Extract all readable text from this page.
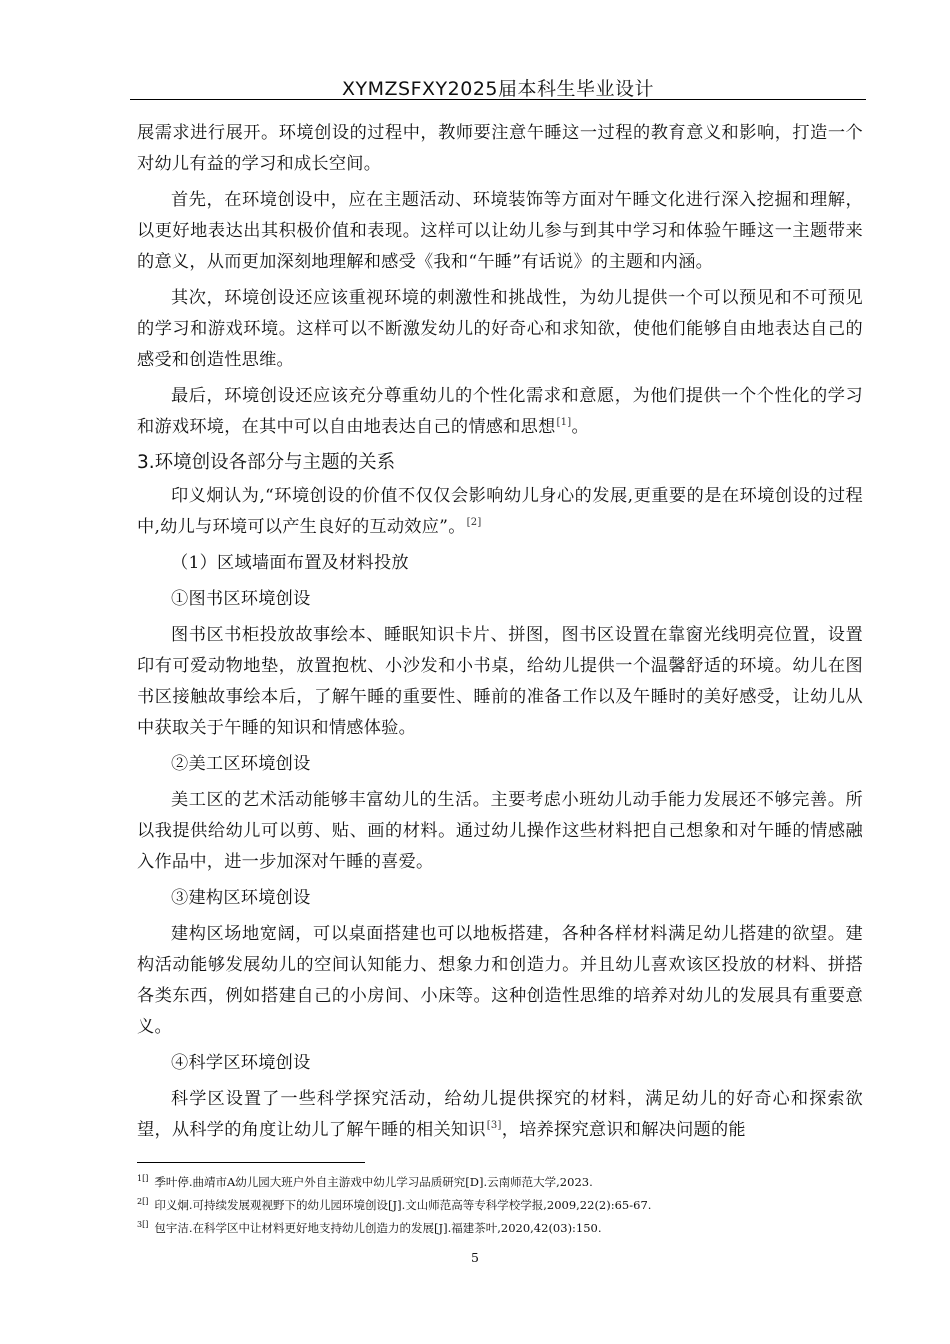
XYMZSFXY2025届本科生毕业设计

展需求进行展开。环境创设的过程中，教师要注意午睡这一过程的教育意义和影响，打造一个对幼儿有益的学习和成长空间。

首先，在环境创设中，应在主题活动、环境装饰等方面对午睡文化进行深入挖掘和理解，以更好地表达出其积极价值和表现。这样可以让幼儿参与到其中学习和体验午睡这一主题带来的意义，从而更加深刻地理解和感受《我和“午睡”有话说》的主题和内涵。

其次，环境创设还应该重视环境的刺激性和挑战性，为幼儿提供一个可以预见和不可预见的学习和游戏环境。这样可以不断激发幼儿的好奇心和求知欲，使他们能够自由地表达自己的感受和创造性思维。

最后，环境创设还应该充分尊重幼儿的个性化需求和意愿，为他们提供一个个性化的学习和游戏环境，在其中可以自由地表达自己的情感和思想[1]。

3.环境创设各部分与主题的关系

印义炯认为,“环境创设的价值不仅仅会影响幼儿身心的发展,更重要的是在环境创设的过程中,幼儿与环境可以产生良好的互动效应”。[2]

（1）区域墙面布置及材料投放

①图书区环境创设

图书区书柜投放故事绘本、睡眠知识卡片、拼图，图书区设置在靠窗光线明亮位置，设置印有可爱动物地垫，放置抱枕、小沙发和小书桌，给幼儿提供一个温馨舒适的环境。幼儿在图书区接触故事绘本后，了解午睡的重要性、睡前的准备工作以及午睡时的美好感受，让幼儿从中获取关于午睡的知识和情感体验。

②美工区环境创设

美工区的艺术活动能够丰富幼儿的生活。主要考虑小班幼儿动手能力发展还不够完善。所以我提供给幼儿可以剪、贴、画的材料。通过幼儿操作这些材料把自己想象和对午睡的情感融入作品中，进一步加深对午睡的喜爱。

③建构区环境创设

建构区场地宽阔，可以桌面搭建也可以地板搭建，各种各样材料满足幼儿搭建的欲望。建构活动能够发展幼儿的空间认知能力、想象力和创造力。并且幼儿喜欢该区投放的材料、拼搭各类东西，例如搭建自己的小房间、小床等。这种创造性思维的培养对幼儿的发展具有重要意义。

④科学区环境创设

科学区设置了一些科学探究活动，给幼儿提供探究的材料，满足幼儿的好奇心和探索欲望，从科学的角度让幼儿了解午睡的相关知识[3]，培养探究意识和解决问题的能

$^{1[]}$ 季叶停.曲靖市A幼儿园大班户外自主游戏中幼儿学习品质研究[D].云南师范大学,2023.

$^{2[]}$ 印义炯.可持续发展观视野下的幼儿园环境创设[J].文山师范高等专科学校学报,2009,22(2):65-67.

$^{3[]}$ 包宇洁.在科学区中让材料更好地支持幼儿创造力的发展[J].福建茶叶,2020,42(03):150.

5
